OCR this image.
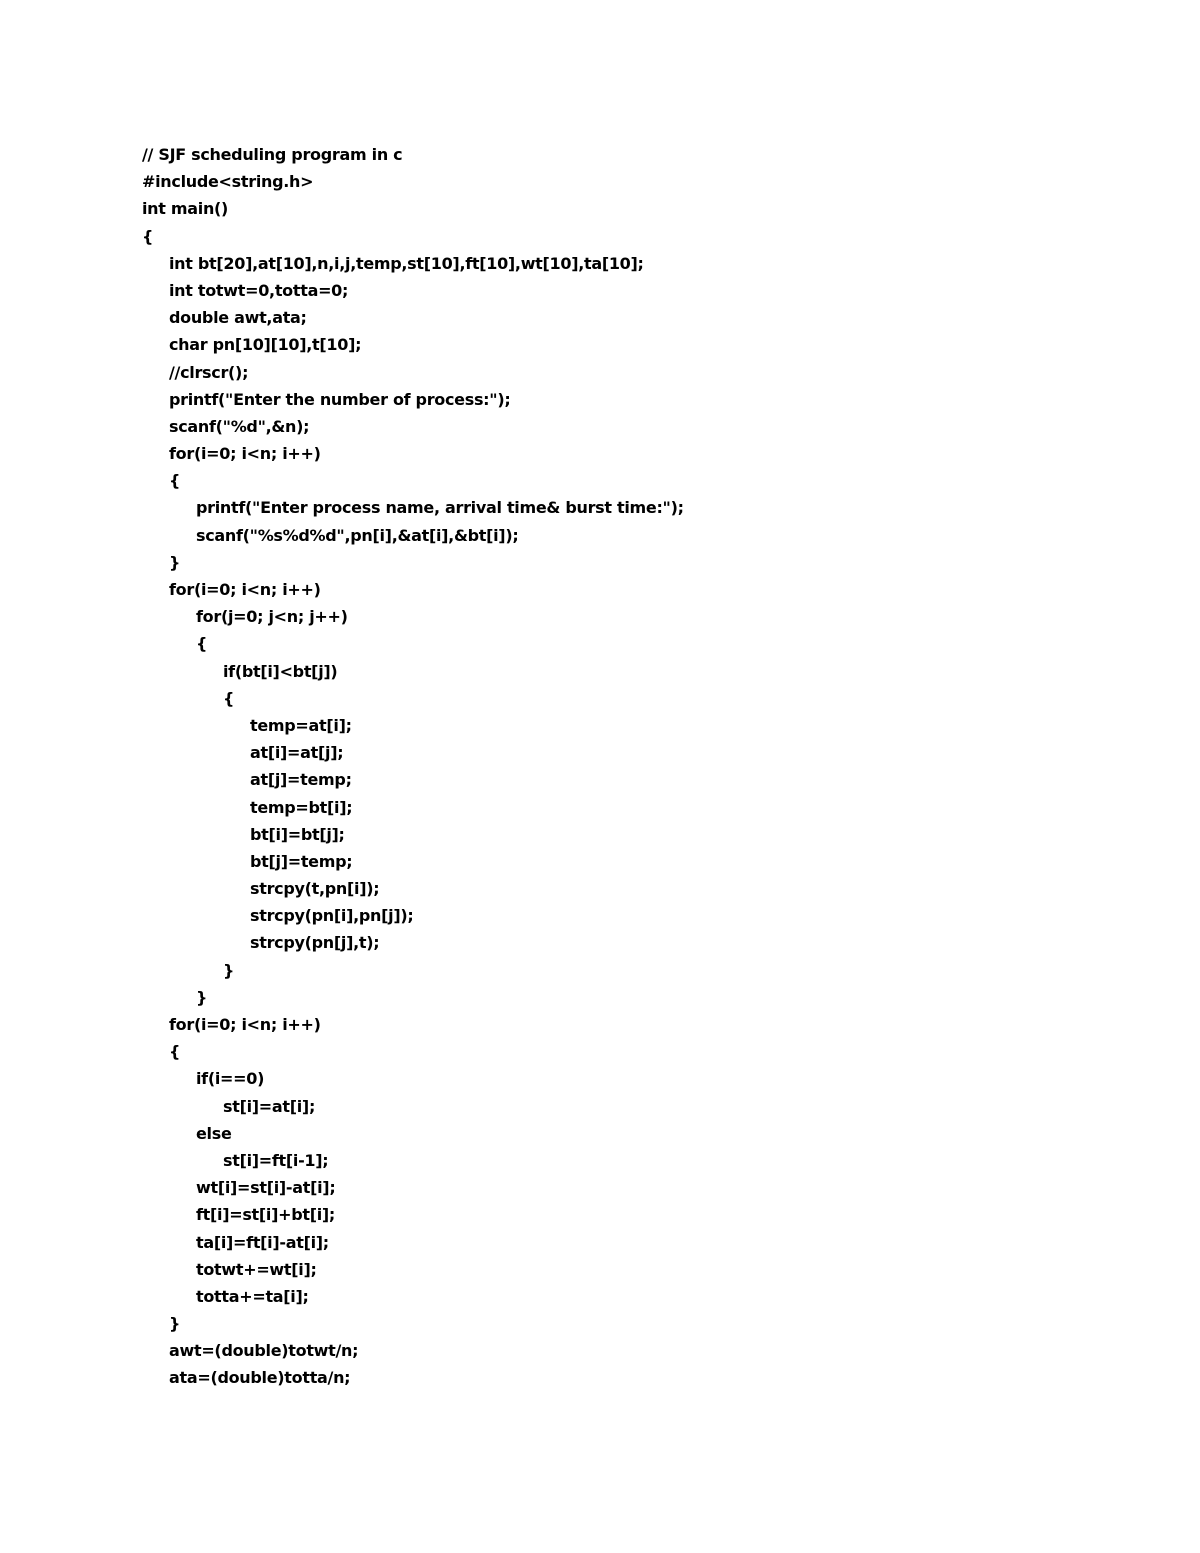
// SJF scheduling program in c
#include<string.h>
int main()
{
int bt[20],at[10],n,i,j,temp,st[10],ft[10],wt[10],ta[10];
int totwt=0,totta=0;
double awt,ata;
char pn[10][10],t[10];
//clrscr();
printf("Enter the number of process:");
scanf("%d",&n);
for(i=0; i<n; i++)
{
printf("Enter process name, arrival time& burst time:");
scanf("%s%d%d",pn[i],&at[i],&bt[i]);
}
for(i=0; i<n; i++)
for(j=0; j<n; j++)
{
if(bt[i]<bt[j])
{
temp=at[i];
at[i]=at[j];
at[j]=temp;
temp=bt[i];
bt[i]=bt[j];
bt[j]=temp;
strcpy(t,pn[i]);
strcpy(pn[i],pn[j]);
strcpy(pn[j],t);
}
}
for(i=0; i<n; i++)
{
if(i==0)
st[i]=at[i];
else
st[i]=ft[i-1];
wt[i]=st[i]-at[i];
ft[i]=st[i]+bt[i];
ta[i]=ft[i]-at[i];
totwt+=wt[i];
totta+=ta[i];
}
awt=(double)totwt/n;
ata=(double)totta/n;
